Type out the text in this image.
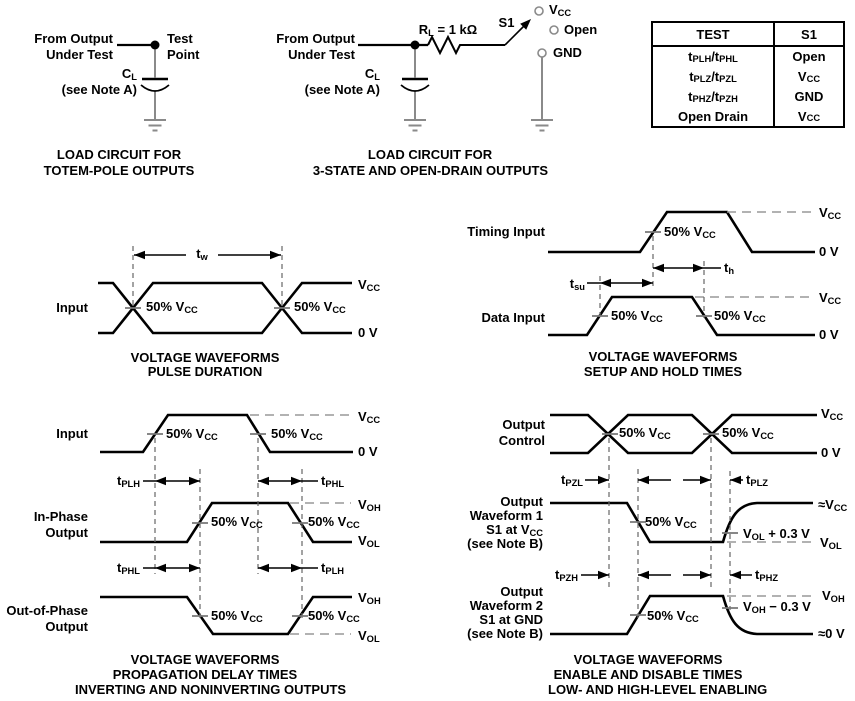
From Output
Under Test
Test
Point
$C_L$
(see Note A)
LOAD CIRCUIT FOR
TOTEM-POLE OUTPUTS
From Output
Under Test
$R_L = 1$ kΩ	S1
$V_{CC}$
Open
GND
$C_L$
(see Note A)
LOAD CIRCUIT FOR
3-STATE AND OPEN-DRAIN OUTPUTS
TEST	S1
$t_{PLH}$ $/t_{PHL}$	Open
$t_{PLZ}$ $/t_{PZL}$	$V_{CC}$
$t_{PHZ}$ $/t_{PZH}$	GND
Open Drain	$V_{CC}$
Input
$t_w$
50% $V_{CC}$	50% $V_{CC}$
$V_{CC}$
0 V
VOLTAGE WAVEFORMS
PULSE DURATION
Timing Input
Data Input
50% $V_{CC}$
50% $V_{CC}$	50% $V_{CC}$
$t_{su}$
$t_h$
$V_{CC}$
0 V
$V_{CC}$
0 V
VOLTAGE WAVEFORMS
SETUP AND HOLD TIMES
Input	50% $V_{CC}$	50% $V_{CC}$
$V_{CC}$
0 V
$t_{PLH}$	$t_{PHL}$
In-Phase
Output
50% $V_{CC}$	50% $V_{CC}$
$V_{OH}$
$V_{OL}$
$t_{PHL}$	$t_{PLH}$
Out-of-Phase
Output
50% $V_{CC}$	50% $V_{CC}$
$V_{OH}$
$V_{OL}$
VOLTAGE WAVEFORMS
PROPAGATION DELAY TIMES
INVERTING AND NONINVERTING OUTPUTS
Output
Control
50% $V_{CC}$	50% $V_{CC}$
$V_{CC}$
0 V
$t_{PZL}$	$t_{PLZ}$
Output
Waveform 1
S1 at $V_{CC}$
(see Note B)
50% $V_{CC}$
$\approx V_{CC}$
$V_{OL} + 0.3$ V
$V_{OL}$
$t_{PZH}$	$t_{PHZ}$
Output
Waveform 2
S1 at GND
(see Note B)
50% $V_{CC}$
$V_{OH}$
$V_{OH} - 0.3$ V
≈0 V
VOLTAGE WAVEFORMS
ENABLE AND DISABLE TIMES
LOW- AND HIGH-LEVEL ENABLING
